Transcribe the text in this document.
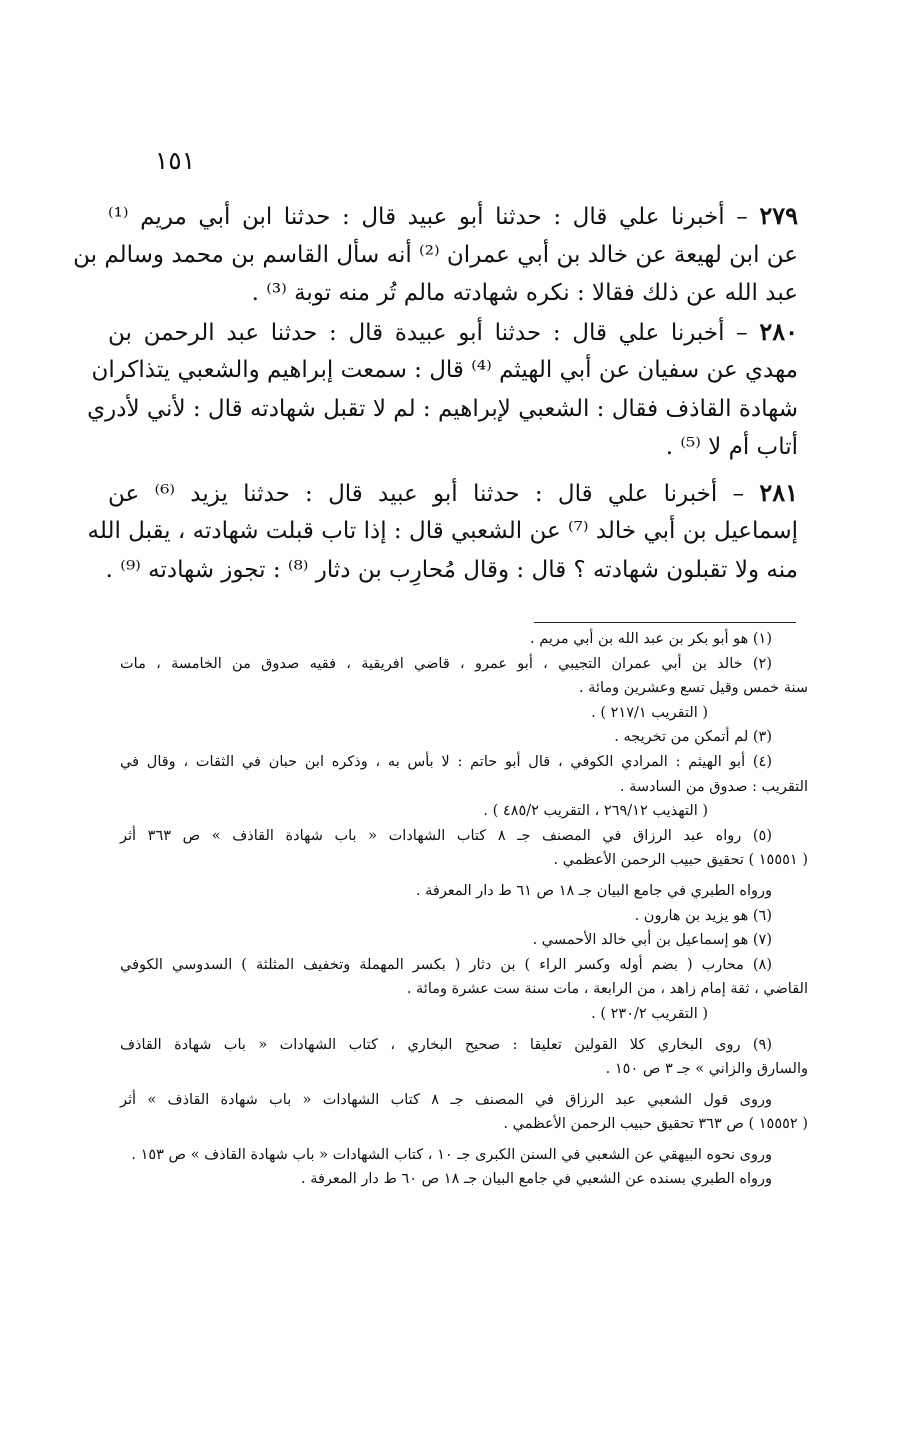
١٥١
٢٧٩ – أخبرنا علي قال : حدثنا أبو عبيد قال : حدثنا ابن أبي مريم ⁽¹⁾
عن ابن لهيعة عن خالد بن أبي عمران ⁽²⁾ أنه سأل القاسم بن محمد وسالم بن
عبد الله عن ذلك فقالا : نكره شهادته مالم تُر منه توبة ⁽³⁾ .
٢٨٠ – أخبرنا علي قال : حدثنا أبو عبيدة قال : حدثنا عبد الرحمن بن
مهدي عن سفيان عن أبي الهيثم ⁽⁴⁾ قال : سمعت إبراهيم والشعبي يتذاكران
شهادة القاذف فقال : الشعبي لإبراهيم : لم لا تقبل شهادته قال : لأني لأدري
أتاب أم لا ⁽⁵⁾ .
٢٨١ – أخبرنا علي قال : حدثنا أبو عبيد قال : حدثنا يزيد ⁽⁶⁾ عن
إسماعيل بن أبي خالد ⁽⁷⁾ عن الشعبي قال : إذا تاب قبلت شهادته ، يقبل الله
منه ولا تقبلون شهادته ؟ قال : وقال مُحارِب بن دثار ⁽⁸⁾ : تجوز شهادته ⁽⁹⁾ .
(١) هو أبو بكر بن عبد الله بن أبي مريم .
(٢) خالد بن أبي عمران التجيبي ، أبو عمرو ، قاضي افريقية ، فقيه صدوق من الخامسة ، مات
سنة خمس وقيل تسع وعشرين ومائة .
( التقريب ٢١٧/١ ) .
(٣) لم أتمكن من تخريجه .
(٤) أبو الهيثم : المرادي الكوفي ، قال أبو حاتم : لا بأس به ، وذكره ابن حبان في الثقات ، وقال في
التقريب : صدوق من السادسة .
( التهذيب ٢٦٩/١٢ ، التقريب ٤٨٥/٢ ) .
(٥) رواه عبد الرزاق في المصنف جـ ٨ كتاب الشهادات « باب شهادة القاذف » ص ٣٦٣ أثر
( ١٥٥٥١ ) تحقيق حبيب الرحمن الأعظمي .
ورواه الطبري في جامع البيان جـ ١٨ ص ٦١ ط دار المعرفة .
(٦) هو يزيد بن هارون .
(٧) هو إسماعيل بن أبي خالد الأحمسي .
(٨) محارب ( بضم أوله وكسر الراء ) بن دثار ( بكسر المهملة وتخفيف المثلثة ) السدوسي الكوفي
القاضي ، ثقة إمام زاهد ، من الرابعة ، مات سنة ست عشرة ومائة .
( التقريب ٢٣٠/٢ ) .
(٩) روى البخاري كلا القولين تعليقا : صحيح البخاري ، كتاب الشهادات « باب شهادة القاذف
والسارق والزاني » جـ ٣ ص ١٥٠ .
وروى قول الشعبي عبد الرزاق في المصنف جـ ٨ كتاب الشهادات « باب شهادة القاذف » أثر
( ١٥٥٥٢ ) ص ٣٦٣ تحقيق حبيب الرحمن الأعظمي .
وروى نحوه البيهقي عن الشعبي في السنن الكبرى جـ ١٠ ، كتاب الشهادات « باب شهادة القاذف » ص ١٥٣ .
ورواه الطبري بسنده عن الشعبي في جامع البيان جـ ١٨ ص ٦٠ ط دار المعرفة .
